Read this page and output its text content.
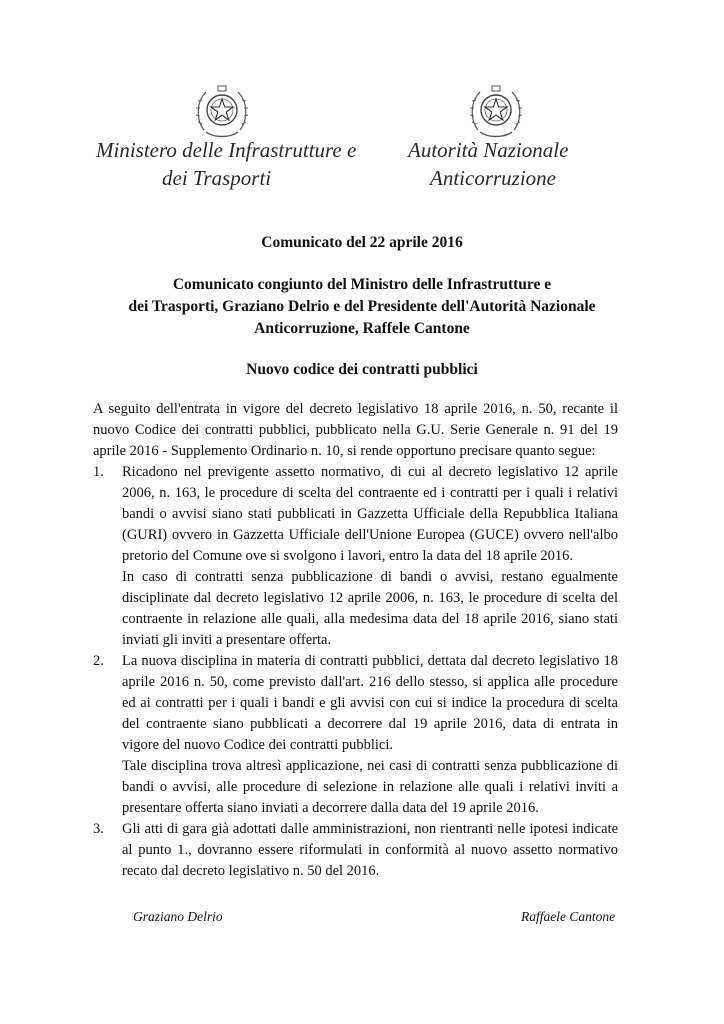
Ministero delle Infrastrutture e
dei Trasporti
Autorità Nazionale
Anticorruzione
Comunicato del 22 aprile 2016
Comunicato congiunto del Ministro delle Infrastrutture e
dei Trasporti, Graziano Delrio e del Presidente dell'Autorità Nazionale
Anticorruzione, Raffele Cantone
Nuovo codice dei contratti pubblici

A seguito dell'entrata in vigore del decreto legislativo 18 aprile 2016, n. 50, recante il nuovo Codice dei contratti pubblici, pubblicato nella G.U. Serie Generale n. 91 del 19 aprile 2016 - Supplemento Ordinario n. 10, si rende opportuno precisare quanto segue:

1. Ricadono nel previgente assetto normativo, di cui al decreto legislativo 12 aprile 2006, n. 163, le procedure di scelta del contraente ed i contratti per i quali i relativi bandi o avvisi siano stati pubblicati in Gazzetta Ufficiale della Repubblica Italiana (GURI) ovvero in Gazzetta Ufficiale dell'Unione Europea (GUCE) ovvero nell'albo pretorio del Comune ove si svolgono i lavori, entro la data del 18 aprile 2016.

In caso di contratti senza pubblicazione di bandi o avvisi, restano egualmente disciplinate dal decreto legislativo 12 aprile 2006, n. 163, le procedure di scelta del contraente in relazione alle quali, alla medesima data del 18 aprile 2016, siano stati inviati gli inviti a presentare offerta.

2. La nuova disciplina in materia di contratti pubblici, dettata dal decreto legislativo 18 aprile 2016 n. 50, come previsto dall'art. 216 dello stesso, si applica alle procedure ed ai contratti per i quali i bandi e gli avvisi con cui si indice la procedura di scelta del contraente siano pubblicati a decorrere dal 19 aprile 2016, data di entrata in vigore del nuovo Codice dei contratti pubblici.

Tale disciplina trova altresì applicazione, nei casi di contratti senza pubblicazione di bandi o avvisi, alle procedure di selezione in relazione alle quali i relativi inviti a presentare offerta siano inviati a decorrere dalla data del 19 aprile 2016.

3. Gli atti di gara già adottati dalle amministrazioni, non rientranti nelle ipotesi indicate al punto 1., dovranno essere riformulati in conformità al nuovo assetto normativo recato dal decreto legislativo n. 50 del 2016.

Graziano Delrio	Raffaele Cantone
